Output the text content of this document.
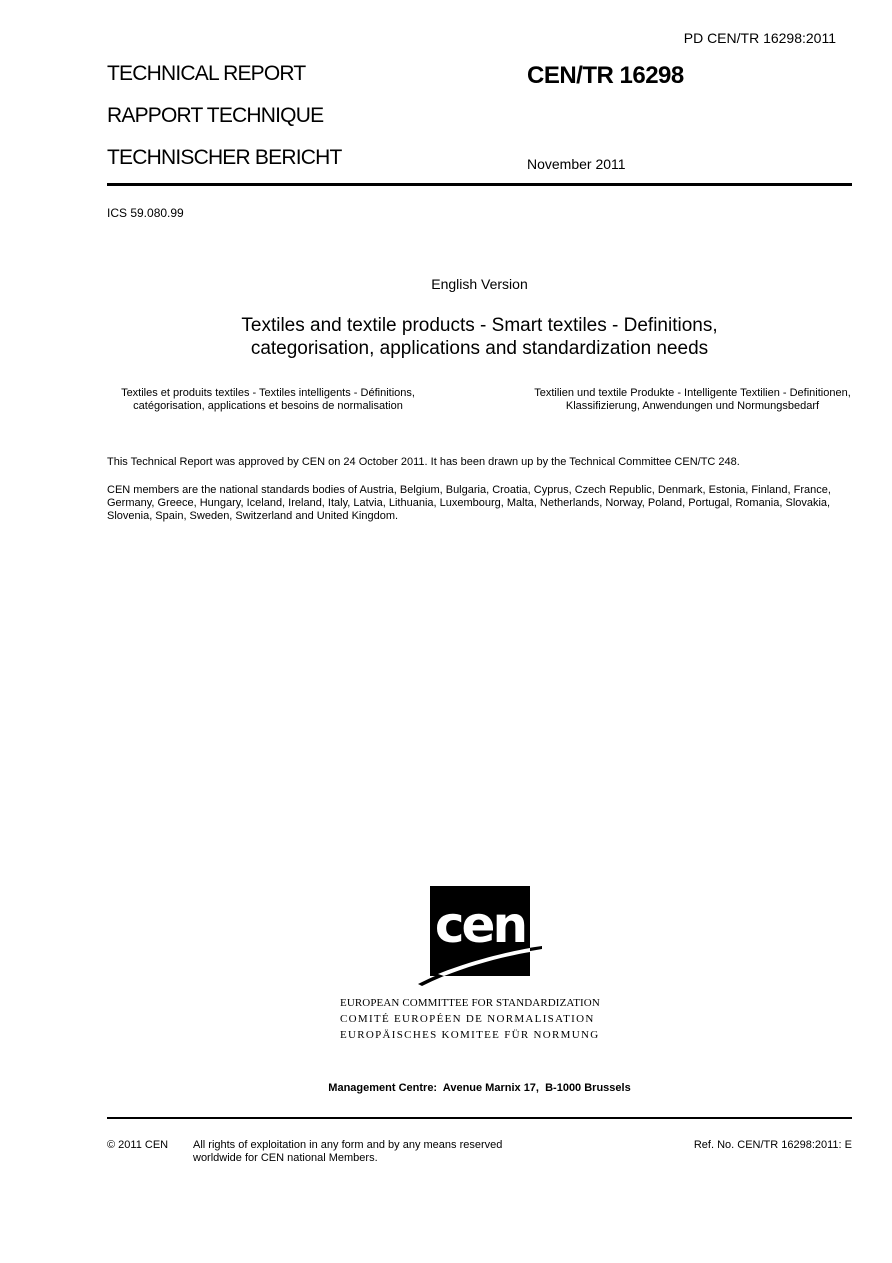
PD CEN/TR 16298:2011
TECHNICAL REPORT
RAPPORT TECHNIQUE
TECHNISCHER BERICHT
CEN/TR 16298
November 2011
ICS 59.080.99
English Version
Textiles and textile products - Smart textiles - Definitions,
categorisation, applications and standardization needs
Textiles et produits textiles - Textiles intelligents - Définitions, catégorisation, applications et besoins de normalisation
Textilien und textile Produkte - Intelligente Textilien - Definitionen, Klassifizierung, Anwendungen und Normungsbedarf
This Technical Report was approved by CEN on 24 October 2011. It has been drawn up by the Technical Committee CEN/TC 248.
CEN members are the national standards bodies of Austria, Belgium, Bulgaria, Croatia, Cyprus, Czech Republic, Denmark, Estonia, Finland, France, Germany, Greece, Hungary, Iceland, Ireland, Italy, Latvia, Lithuania, Luxembourg, Malta, Netherlands, Norway, Poland, Portugal, Romania, Slovakia, Slovenia, Spain, Sweden, Switzerland and United Kingdom.
cen
EUROPEAN COMMITTEE FOR STANDARDIZATION
COMITÉ EUROPÉEN DE NORMALISATION
EUROPÄISCHES KOMITEE FÜR NORMUNG
Management Centre:  Avenue Marnix 17,  B-1000 Brussels
© 2011 CEN All rights of exploitation in any form and by any means reserved
worldwide for CEN national Members.
Ref. No. CEN/TR 16298:2011: E
